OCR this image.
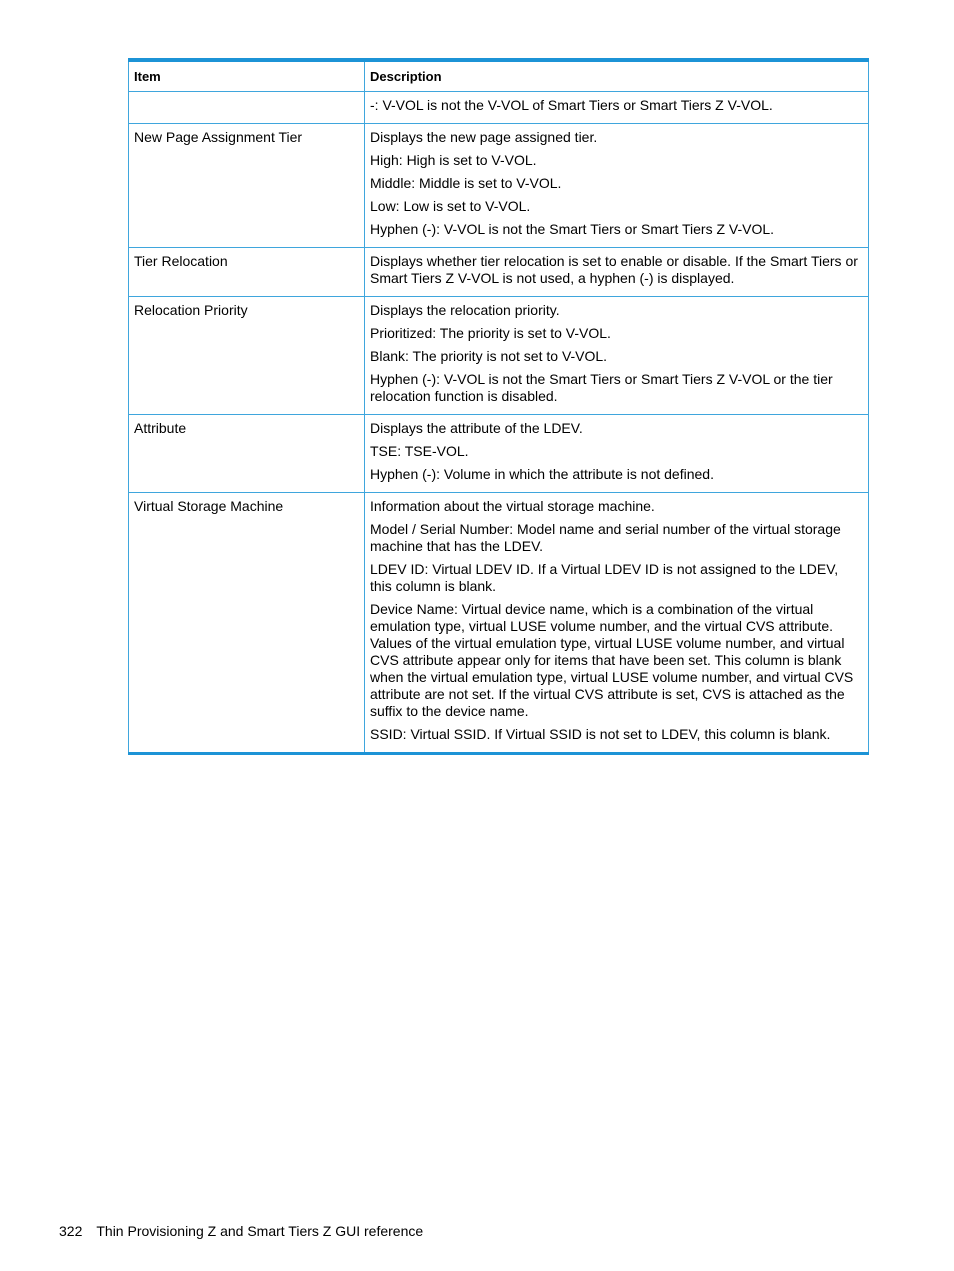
Item	Description

	-: V-VOL is not the V-VOL of Smart Tiers or Smart Tiers Z V-VOL.

New Page Assignment Tier	Displays the new page assigned tier.

High: High is set to V-VOL.

Middle: Middle is set to V-VOL.

Low: Low is set to V-VOL.

Hyphen (-): V-VOL is not the Smart Tiers or Smart Tiers Z V-VOL.

Tier Relocation	Displays whether tier relocation is set to enable or disable. If the Smart Tiers or Smart Tiers Z V-VOL is not used, a hyphen (-) is displayed.

Relocation Priority	Displays the relocation priority.

Prioritized: The priority is set to V-VOL.

Blank: The priority is not set to V-VOL.

Hyphen (-): V-VOL is not the Smart Tiers or Smart Tiers Z V-VOL or the tier relocation function is disabled.

Attribute	Displays the attribute of the LDEV.

TSE: TSE-VOL.

Hyphen (-): Volume in which the attribute is not defined.

Virtual Storage Machine	Information about the virtual storage machine.

Model / Serial Number: Model name and serial number of the virtual storage machine that has the LDEV.

LDEV ID: Virtual LDEV ID. If a Virtual LDEV ID is not assigned to the LDEV, this column is blank.

Device Name: Virtual device name, which is a combination of the virtual emulation type, virtual LUSE volume number, and the virtual CVS attribute. Values of the virtual emulation type, virtual LUSE volume number, and virtual CVS attribute appear only for items that have been set. This column is blank when the virtual emulation type, virtual LUSE volume number, and virtual CVS attribute are not set. If the virtual CVS attribute is set, CVS is attached as the suffix to the device name.

SSID: Virtual SSID. If Virtual SSID is not set to LDEV, this column is blank.

322 Thin Provisioning Z and Smart Tiers Z GUI reference
